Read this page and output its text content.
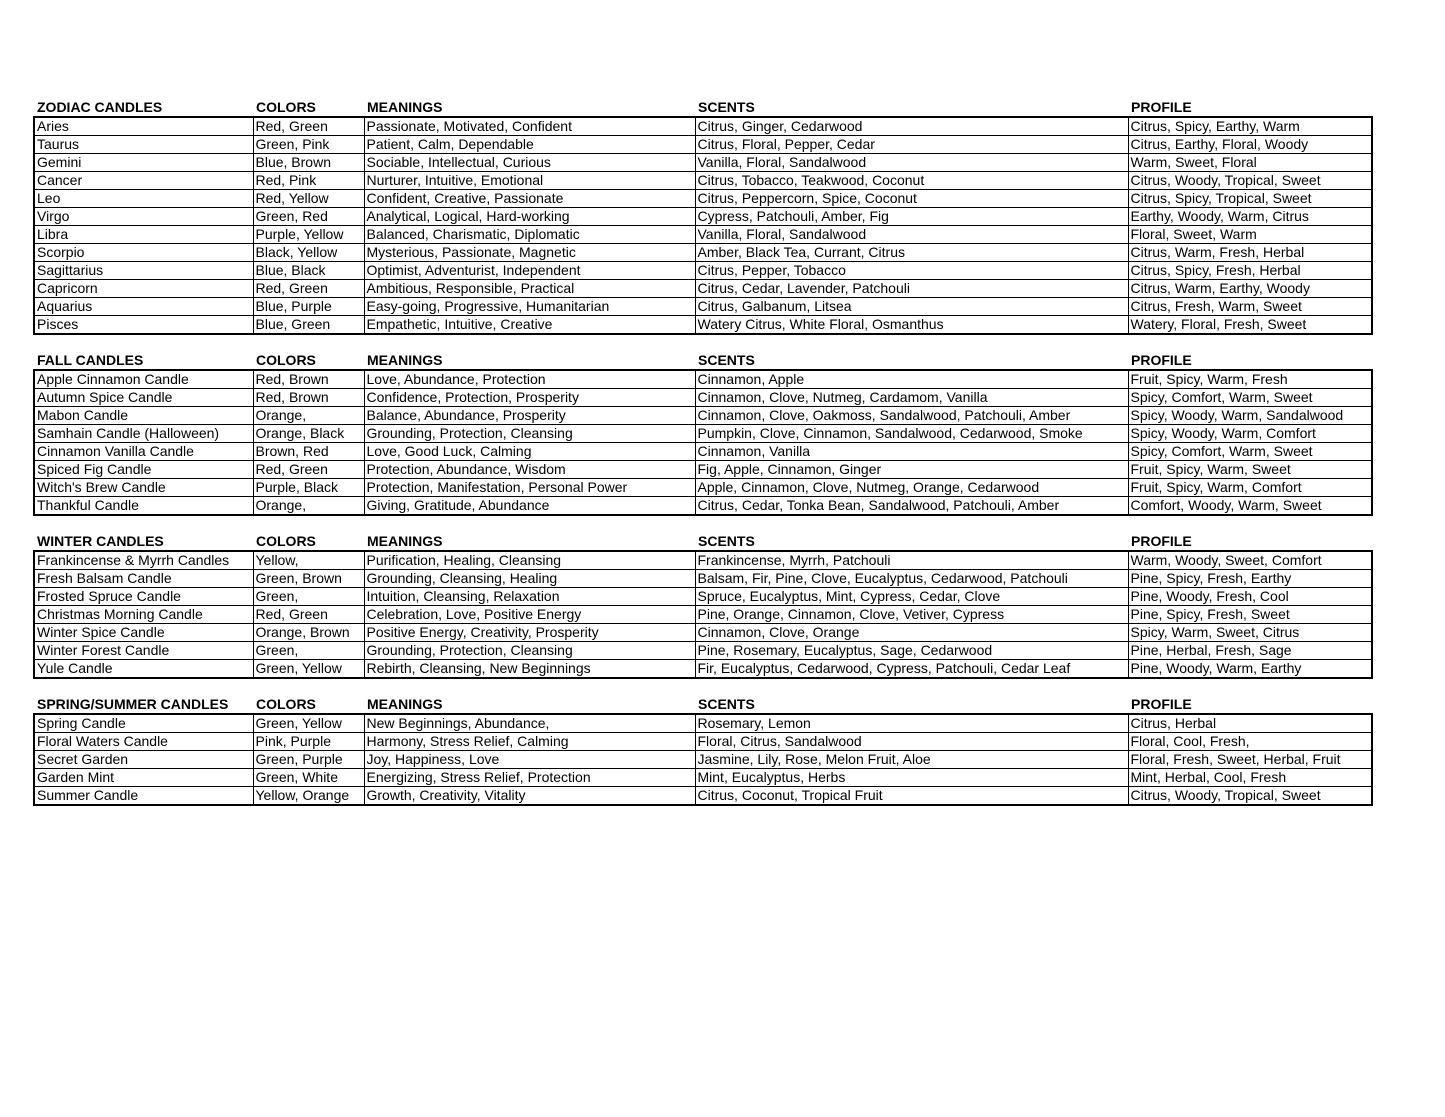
ZODIAC CANDLES	COLORS	MEANINGS	SCENTS	PROFILE
Aries	Red, Green	Passionate, Motivated, Confident	Citrus, Ginger, Cedarwood	Citrus, Spicy, Earthy, Warm
Taurus	Green, Pink	Patient, Calm, Dependable	Citrus, Floral, Pepper, Cedar	Citrus, Earthy, Floral, Woody
Gemini	Blue, Brown	Sociable, Intellectual, Curious	Vanilla, Floral, Sandalwood	Warm, Sweet, Floral
Cancer	Red, Pink	Nurturer, Intuitive, Emotional	Citrus, Tobacco, Teakwood, Coconut	Citrus, Woody, Tropical, Sweet
Leo	Red, Yellow	Confident, Creative, Passionate	Citrus, Peppercorn, Spice, Coconut	Citrus, Spicy, Tropical, Sweet
Virgo	Green, Red	Analytical, Logical, Hard-working	Cypress, Patchouli, Amber, Fig	Earthy, Woody, Warm, Citrus
Libra	Purple, Yellow	Balanced, Charismatic, Diplomatic	Vanilla, Floral, Sandalwood	Floral, Sweet, Warm
Scorpio	Black, Yellow	Mysterious, Passionate, Magnetic	Amber, Black Tea, Currant, Citrus	Citrus, Warm, Fresh, Herbal
Sagittarius	Blue, Black	Optimist, Adventurist, Independent	Citrus, Pepper, Tobacco	Citrus, Spicy, Fresh, Herbal
Capricorn	Red, Green	Ambitious, Responsible, Practical	Citrus, Cedar, Lavender, Patchouli	Citrus, Warm, Earthy, Woody
Aquarius	Blue, Purple	Easy-going, Progressive, Humanitarian	Citrus, Galbanum, Litsea	Citrus, Fresh, Warm, Sweet
Pisces	Blue, Green	Empathetic, Intuitive, Creative	Watery Citrus, White Floral, Osmanthus	Watery, Floral, Fresh, Sweet
FALL CANDLES	COLORS	MEANINGS	SCENTS	PROFILE
Apple Cinnamon Candle	Red, Brown	Love, Abundance, Protection	Cinnamon, Apple	Fruit, Spicy, Warm, Fresh
Autumn Spice Candle	Red, Brown	Confidence, Protection, Prosperity	Cinnamon, Clove, Nutmeg, Cardamom, Vanilla	Spicy, Comfort, Warm, Sweet
Mabon Candle	Orange,	Balance, Abundance, Prosperity	Cinnamon, Clove, Oakmoss, Sandalwood, Patchouli, Amber	Spicy, Woody, Warm, Sandalwood
Samhain Candle (Halloween)	Orange, Black	Grounding, Protection, Cleansing	Pumpkin, Clove, Cinnamon, Sandalwood, Cedarwood, Smoke	Spicy, Woody, Warm, Comfort
Cinnamon Vanilla Candle	Brown, Red	Love, Good Luck, Calming	Cinnamon, Vanilla	Spicy, Comfort, Warm, Sweet
Spiced Fig Candle	Red, Green	Protection, Abundance, Wisdom	Fig, Apple, Cinnamon, Ginger	Fruit, Spicy, Warm, Sweet
Witch's Brew Candle	Purple, Black	Protection, Manifestation, Personal Power	Apple, Cinnamon, Clove, Nutmeg, Orange, Cedarwood	Fruit, Spicy, Warm, Comfort
Thankful Candle	Orange,	Giving, Gratitude, Abundance	Citrus, Cedar, Tonka Bean, Sandalwood, Patchouli, Amber	Comfort, Woody, Warm, Sweet
WINTER CANDLES	COLORS	MEANINGS	SCENTS	PROFILE
Frankincense & Myrrh Candles	Yellow,	Purification, Healing, Cleansing	Frankincense, Myrrh, Patchouli	Warm, Woody, Sweet, Comfort
Fresh Balsam Candle	Green, Brown	Grounding, Cleansing, Healing	Balsam, Fir, Pine, Clove, Eucalyptus, Cedarwood, Patchouli	Pine, Spicy, Fresh, Earthy
Frosted Spruce Candle	Green,	Intuition, Cleansing, Relaxation	Spruce, Eucalyptus, Mint, Cypress, Cedar, Clove	Pine, Woody, Fresh, Cool
Christmas Morning Candle	Red, Green	Celebration, Love, Positive Energy	Pine, Orange, Cinnamon, Clove, Vetiver, Cypress	Pine, Spicy, Fresh, Sweet
Winter Spice Candle	Orange, Brown	Positive Energy, Creativity, Prosperity	Cinnamon, Clove, Orange	Spicy, Warm, Sweet, Citrus
Winter Forest Candle	Green,	Grounding, Protection, Cleansing	Pine, Rosemary, Eucalyptus, Sage, Cedarwood	Pine, Herbal, Fresh, Sage
Yule Candle	Green, Yellow	Rebirth, Cleansing, New Beginnings	Fir, Eucalyptus, Cedarwood, Cypress, Patchouli, Cedar Leaf	Pine, Woody, Warm, Earthy
SPRING/SUMMER CANDLES	COLORS	MEANINGS	SCENTS	PROFILE
Spring Candle	Green, Yellow	New Beginnings, Abundance,	Rosemary, Lemon	Citrus, Herbal
Floral Waters Candle	Pink, Purple	Harmony, Stress Relief, Calming	Floral, Citrus, Sandalwood	Floral, Cool, Fresh,
Secret Garden	Green, Purple	Joy, Happiness, Love	Jasmine, Lily, Rose, Melon Fruit, Aloe	Floral, Fresh, Sweet, Herbal, Fruit
Garden Mint	Green, White	Energizing, Stress Relief, Protection	Mint, Eucalyptus, Herbs	Mint, Herbal, Cool, Fresh
Summer Candle	Yellow, Orange	Growth, Creativity, Vitality	Citrus, Coconut, Tropical Fruit	Citrus, Woody, Tropical, Sweet
